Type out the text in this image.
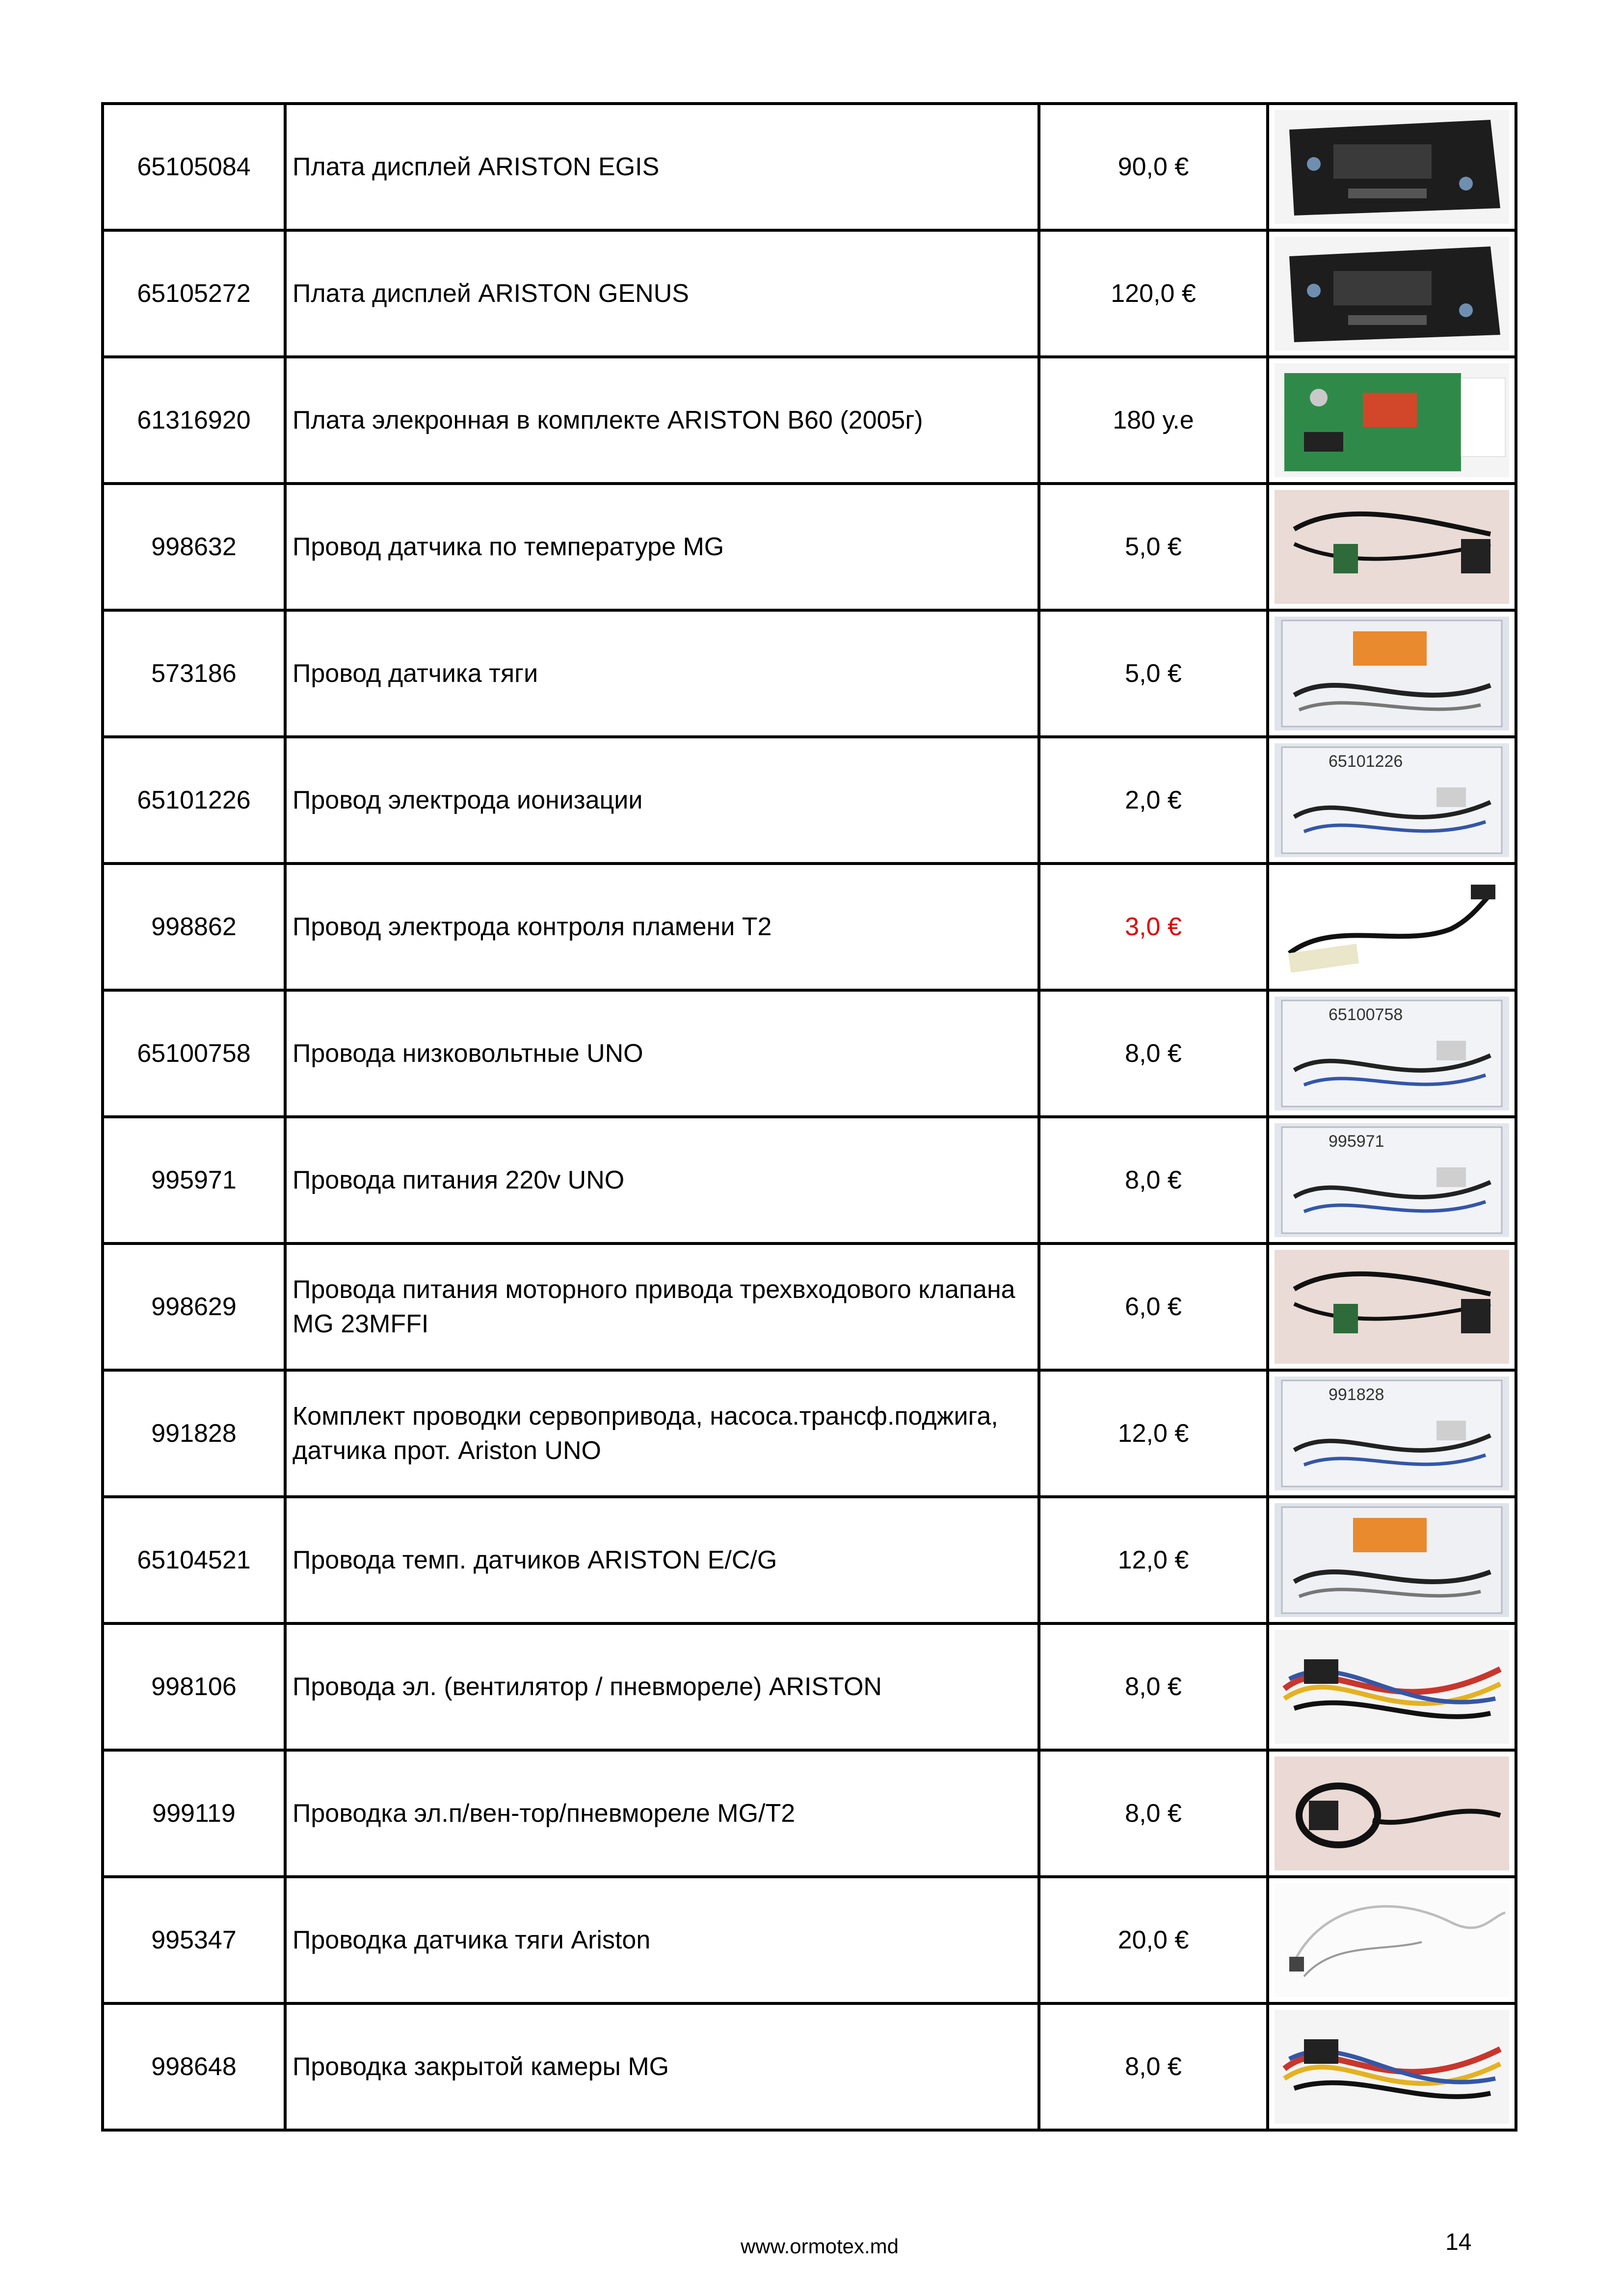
65105084	Плата дисплей ARISTON EGIS	90,0 €	

65105272	Плата дисплей ARISTON GENUS	120,0 €	

61316920	Плата элекронная в комплекте ARISTON B60 (2005г)	180 у.е	

998632	Провод датчика по температуре MG	5,0 €	

573186	Провод датчика тяги	5,0 €	

65101226	Провод электрода ионизации	2,0 €	65101226

998862	Провод электрода контроля пламени T2	3,0 €	

65100758	Провода низковольтные UNO	8,0 €	65100758

995971	Провода питания 220v UNO	8,0 €	995971

998629	Провода питания моторного привода трехвходового клапана MG 23MFFI	6,0 €	

991828	Комплект проводки сервопривода, насоса.трансф.поджига, датчика прот. Ariston UNO	12,0 €	991828

65104521	Провода темп. датчиков ARISTON E/C/G	12,0 €	

998106	Провода эл. (вентилятор / пневмореле) ARISTON	8,0 €	

999119	Проводка эл.п/вен-тор/пневмореле MG/T2	8,0 €	

995347	Проводка датчика тяги Ariston	20,0 €	

998648	Проводка закрытой камеры MG	8,0 €	
www.ormotex.md	14
